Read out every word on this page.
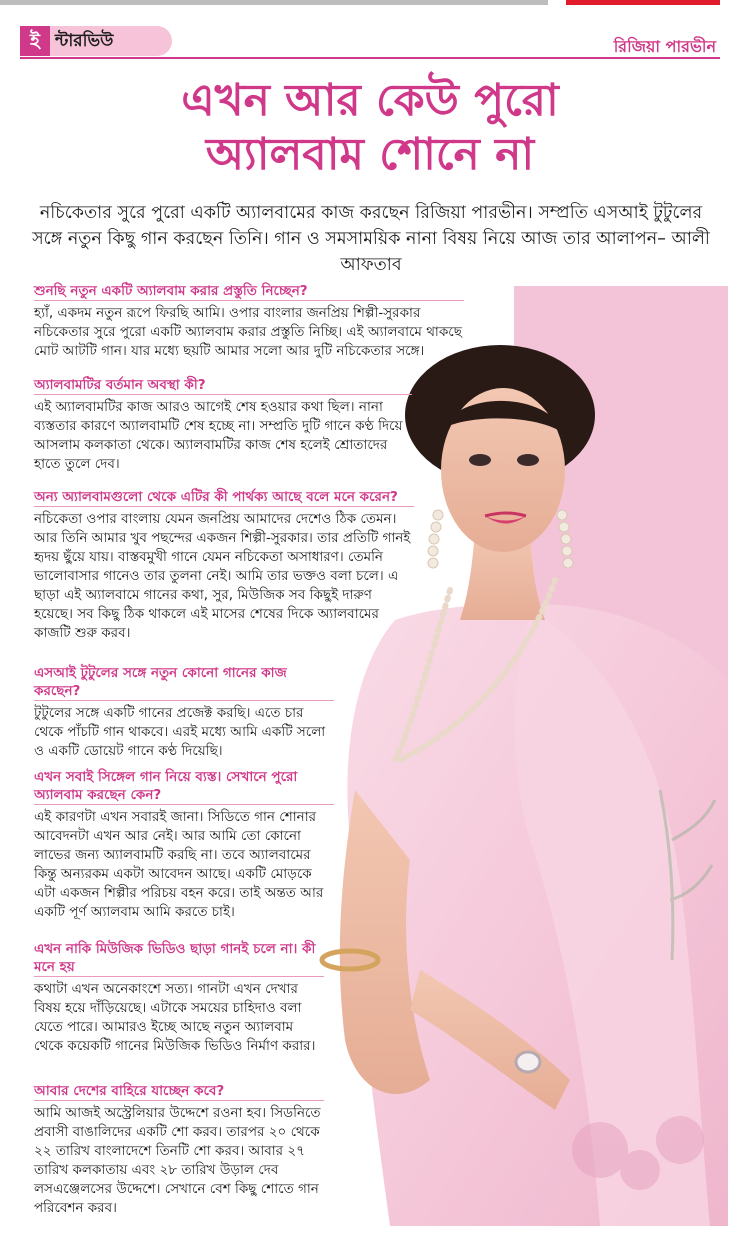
ই ন্টারভিউ	রিজিয়া পারভীন
এখন আর কেউ পুরো
অ্যালবাম শোনে না
নচিকেতার সুরে পুরো একটি অ্যালবামের কাজ করছেন রিজিয়া পারভীন। সম্প্রতি এসআই টুটুলের সঙ্গে নতুন কিছু গান করছেন তিনি। গান ও সমসাময়িক নানা বিষয় নিয়ে আজ তার আলাপন– আলী আফতাব
শুনছি নতুন একটি অ্যালবাম করার প্রস্তুতি নিচ্ছেন?
হ্যাঁ, একদম নতুন রূপে ফিরছি আমি। ওপার বাংলার জনপ্রিয় শিল্পী-সুরকার নচিকেতার সুরে পুরো একটি অ্যালবাম করার প্রস্তুতি নিচ্ছি। এই অ্যালবামে থাকছে মোট আটটি গান। যার মধ্যে ছয়টি আমার সলো আর দুটি নচিকেতার সঙ্গে।
অ্যালবামটির বর্তমান অবস্থা কী?
এই অ্যালবামটির কাজ আরও আগেই শেষ হওয়ার কথা ছিল। নানা ব্যস্ততার কারণে অ্যালবামটি শেষ হচ্ছে না। সম্প্রতি দুটি গানে কণ্ঠ দিয়ে আসলাম কলকাতা থেকে। অ্যালবামটির কাজ শেষ হলেই শ্রোতাদের হাতে তুলে দেব।
অন্য অ্যালবামগুলো থেকে এটির কী পার্থক্য আছে বলে মনে করেন?
নচিকেতা ওপার বাংলায় যেমন জনপ্রিয় আমাদের দেশেও ঠিক তেমন। আর তিনি আমার খুব পছন্দের একজন শিল্পী-সুরকার। তার প্রতিটি গানই হৃদয় ছুঁয়ে যায়। বাস্তবমুখী গানে যেমন নচিকেতা অসাধারণ। তেমনি ভালোবাসার গানেও তার তুলনা নেই। আমি তার ভক্তও বলা চলে। এ ছাড়া এই অ্যালবামে গানের কথা, সুর, মিউজিক সব কিছুই দারুণ হয়েছে। সব কিছু ঠিক থাকলে এই মাসের শেষের দিকে অ্যালবামের কাজটি শুরু করব।
এসআই টুটুলের সঙ্গে নতুন কোনো গানের কাজ করছেন?
টুটুলের সঙ্গে একটি গানের প্রজেক্ট করছি। এতে চার থেকে পাঁচটি গান থাকবে। এরই মধ্যে আমি একটি সলো ও একটি ডোয়েট গানে কণ্ঠ দিয়েছি।
এখন সবাই সিঙ্গেল গান নিয়ে ব্যস্ত। সেখানে পুরো অ্যালবাম করছেন কেন?
এই কারণটা এখন সবারই জানা। সিডিতে গান শোনার আবেদনটা এখন আর নেই। আর আমি তো কোনো লাভের জন্য অ্যালবামটি করছি না। তবে অ্যালবামের কিন্তু অন্যরকম একটা আবেদন আছে। একটি মোড়কে এটা একজন শিল্পীর পরিচয় বহন করে। তাই অন্তত আর একটি পূর্ণ অ্যালবাম আমি করতে চাই।
এখন নাকি মিউজিক ভিডিও ছাড়া গানই চলে না। কী মনে হয়
কথাটা এখন অনেকাংশে সত্য। গানটা এখন দেখার বিষয় হয়ে দাঁড়িয়েছে। এটাকে সময়ের চাহিদাও বলা যেতে পারে। আমারও ইচ্ছে আছে নতুন অ্যালবাম থেকে কয়েকটি গানের মিউজিক ভিডিও নির্মাণ করার।
আবার দেশের বাহিরে যাচ্ছেন কবে?
আমি আজই অস্ট্রেলিয়ার উদ্দেশে রওনা হব। সিডনিতে প্রবাসী বাঙালিদের একটি শো করব। তারপর ২০ থেকে ২২ তারিখ বাংলাদেশে তিনটি শো করব। আবার ২৭ তারিখ কলকাতায় এবং ২৮ তারিখ উড়াল দেব লসএঞ্জেলসের উদ্দেশে। সেখানে বেশ কিছু শোতে গান পরিবেশন করব।
